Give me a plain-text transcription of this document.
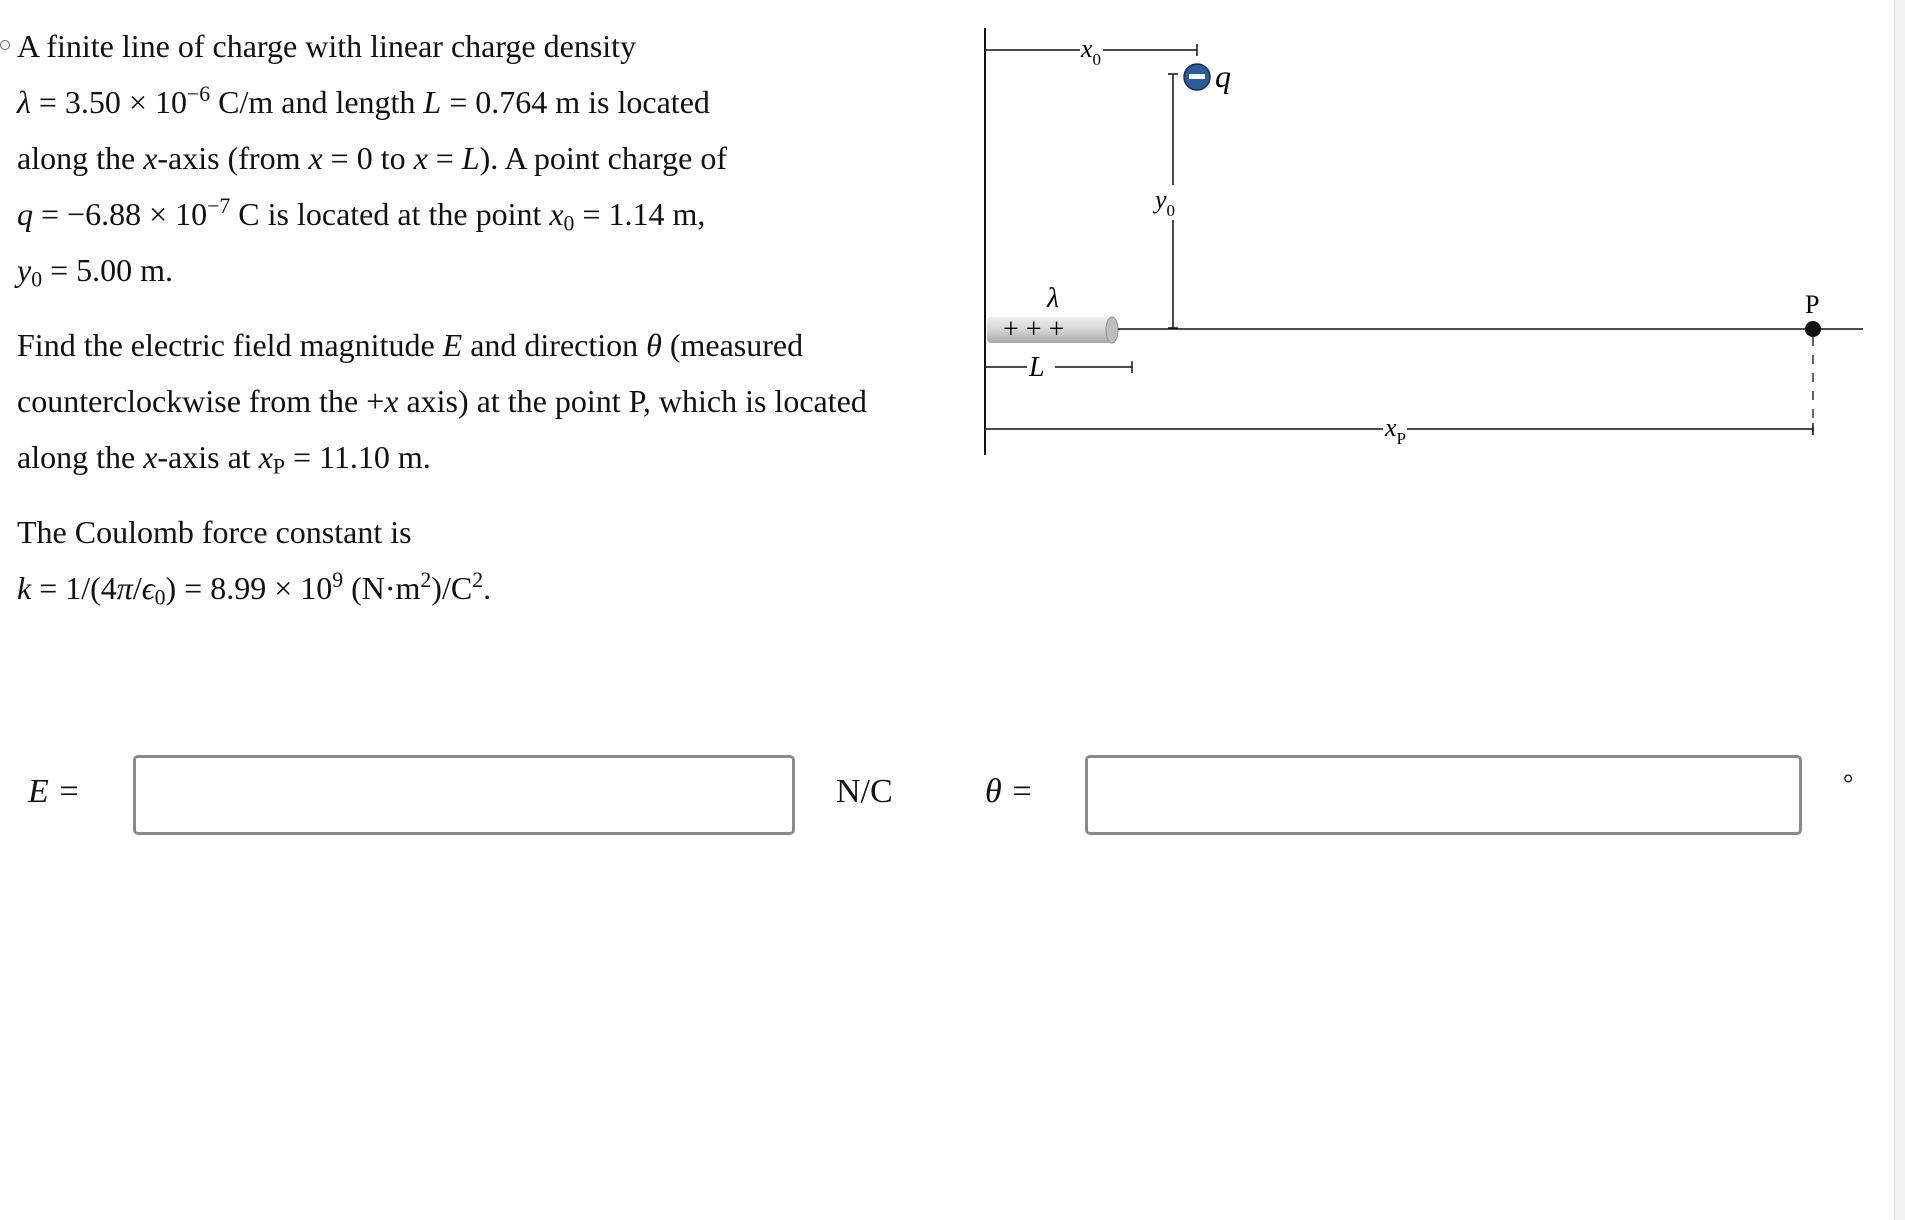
A finite line of charge with linear charge density
$\lambda = 3.50 \times 10^{-6}$ C/m and length L = 0.764 m is located
along the x-axis (from x = 0 to x = L). A point charge of
$q = -6.88 \times 10^{-7}$ C is located at the point $x_0 = 1.14$ m,
$y_0 = 5.00$ m.

Find the electric field magnitude E and direction θ (measured counterclockwise from the +x axis) at the point P, which is located along the x-axis at $x_P = 11.10$ m.

The Coulomb force constant is
$k = 1/(4\pi/\epsilon_0) = 8.99 \times 10^9$ $(N\cdot m^2)/C^2$.

$x_0$
$y_0$
q
λ
+ + +
L
P
$x_P$
E =	N/C	θ =	°
